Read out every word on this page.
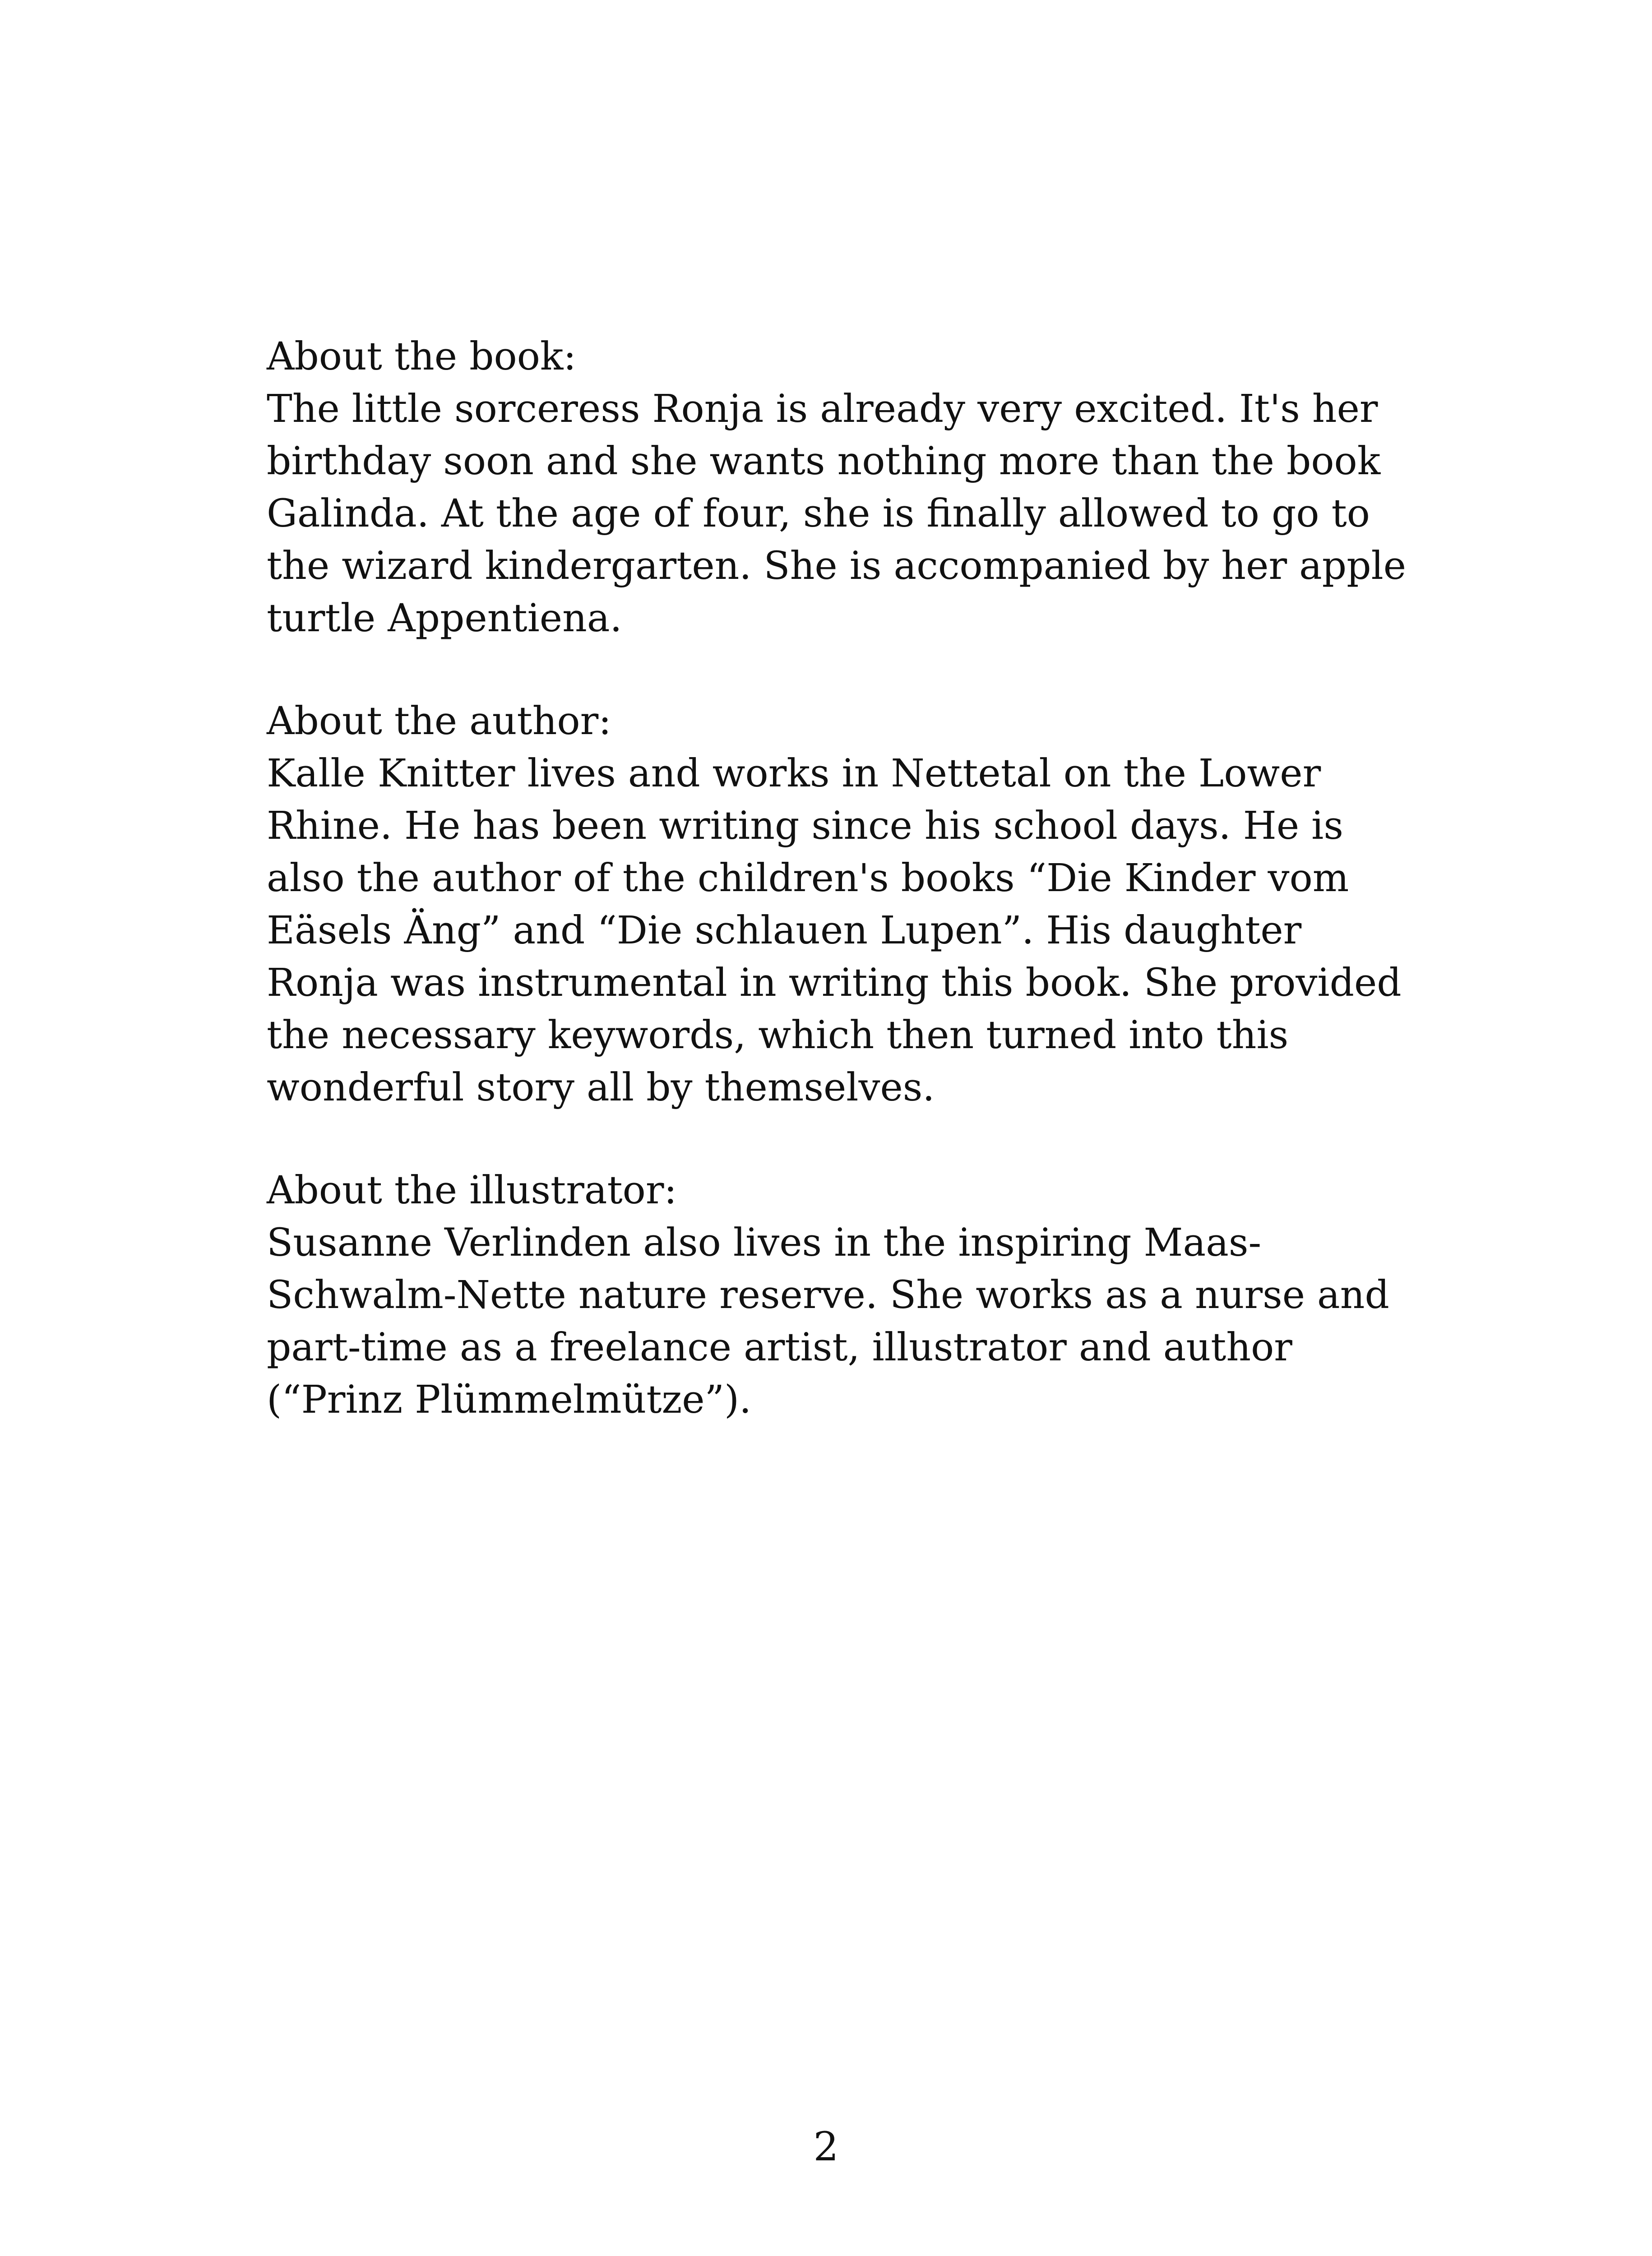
About the book:

The little sorceress Ronja is already very excited. It's her birthday soon and she wants nothing more than the book Galinda. At the age of four, she is finally allowed to go to the wizard kindergarten. She is accompanied by her apple turtle Appentiena.

About the author:

Kalle Knitter lives and works in Nettetal on the Lower Rhine. He has been writing since his school days. He is also the author of the children's books “Die Kinder vom Eäsels Äng” and “Die schlauen Lupen”. His daughter Ronja was instrumental in writing this book. She provided the necessary keywords, which then turned into this wonderful story all by themselves.

About the illustrator:

Susanne Verlinden also lives in the inspiring Maas-Schwalm-Nette nature reserve. She works as a nurse and part-time as a freelance artist, illustrator and author (“Prinz Plümmelmütze”).

2
